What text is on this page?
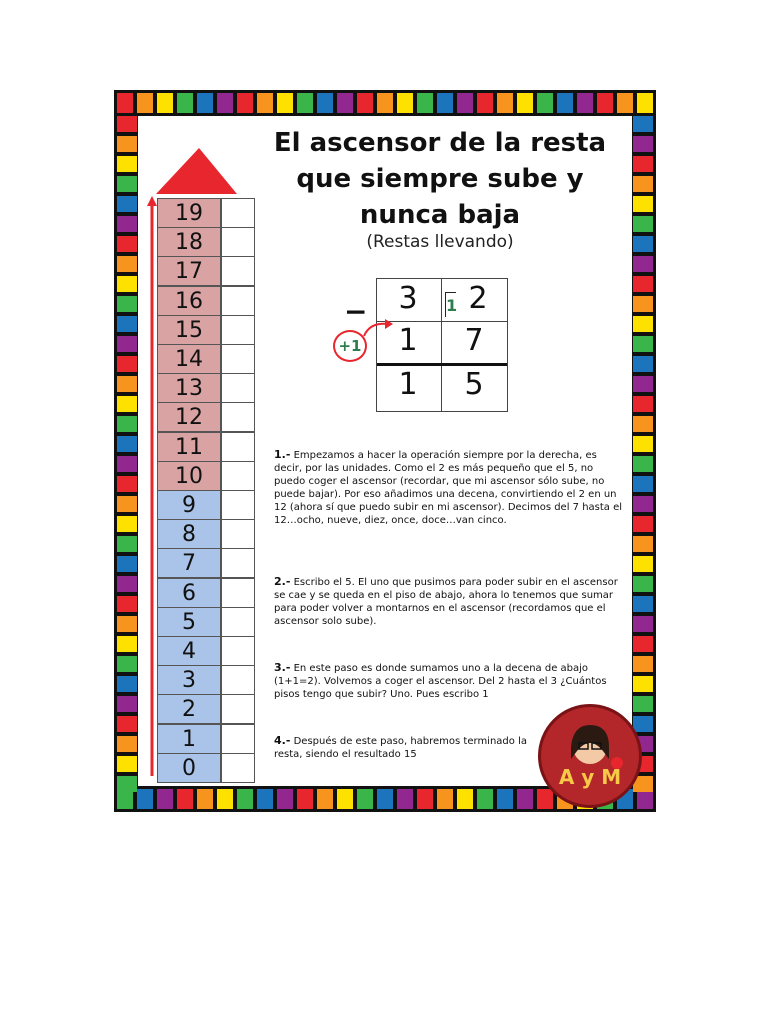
El ascensor de la resta
que siempre sube y
nunca baja
(Restas llevando)
19
18
17
16
15
14
13
12
11
10
9
8
7
6
5
4
3
2
1
0
3	2
1
1	7
1	5
−
+1
1.- Empezamos a hacer la operación siempre por la derecha, es decir, por las unidades. Como el 2 es más pequeño que el 5, no puedo coger el ascensor (recordar, que mi ascensor sólo sube, no puede bajar). Por eso añadimos una decena, convirtiendo el 2 en un 12 (ahora sí que puedo subir en mi ascensor). Decimos del 7 hasta el 12…ocho, nueve, diez, once, doce…van cinco.
2.- Escribo el 5. El uno que pusimos para poder subir en el ascensor se cae y se queda en el piso de abajo, ahora lo tenemos que sumar para poder volver a montarnos en el ascensor (recordamos que el ascensor solo sube).
3.- En este paso es donde sumamos uno a la decena de abajo (1+1=2). Volvemos a coger el ascensor. Del 2 hasta el 3 ¿Cuántos pisos tengo que subir? Uno. Pues escribo 1
4.- Después de este paso, habremos terminado la resta, siendo el resultado 15
A y M
